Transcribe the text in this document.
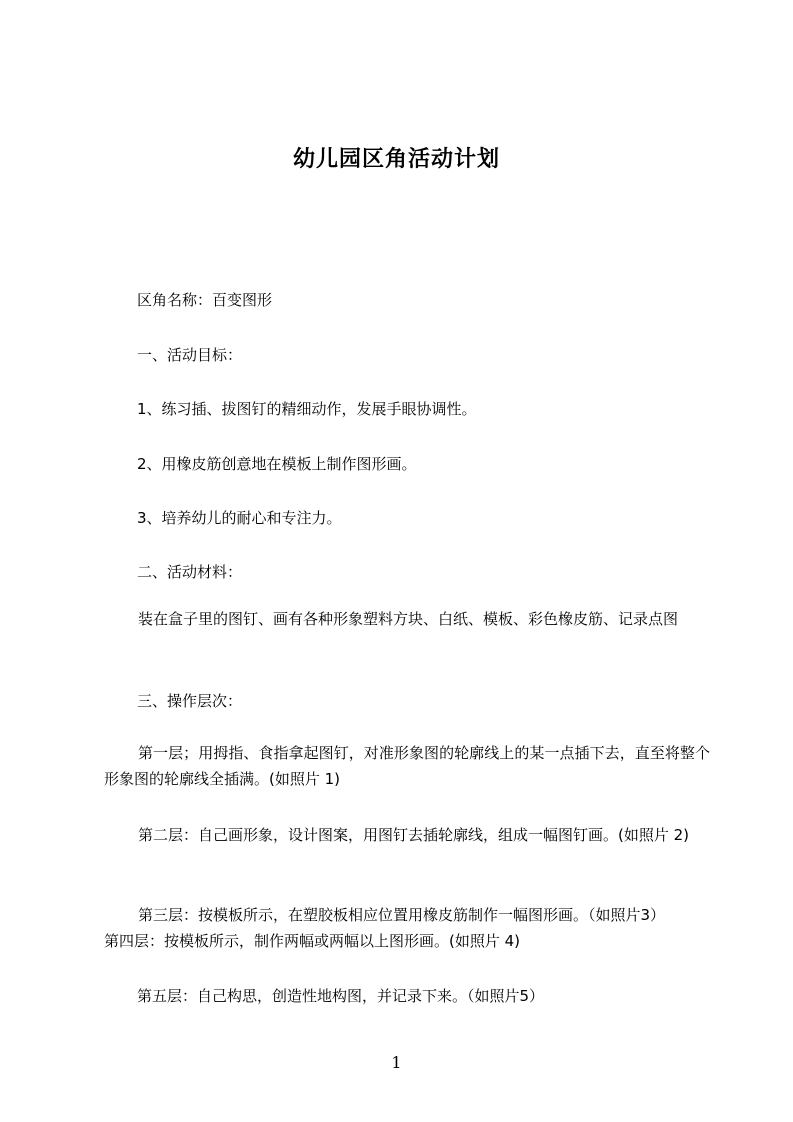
幼儿园区角活动计划

区角名称：百变图形

一、活动目标：

1、练习插、拔图钉的精细动作，发展手眼协调性。

2、用橡皮筋创意地在模板上制作图形画。

3、培养幼儿的耐心和专注力。

二、活动材料：

装在盒子里的图钉、画有各种形象塑料方块、白纸、模板、彩色橡皮筋、记录点图

三、操作层次：

第一层；用拇指、食指拿起图钉，对准形象图的轮廓线上的某一点插下去，直至将整个形象图的轮廓线全插满。(如照片 1)

第二层：自己画形象，设计图案，用图钉去插轮廓线，组成一幅图钉画。(如照片 2)

第三层：按模板所示，在塑胶板相应位置用橡皮筋制作一幅图形画。（如照片3）

第四层：按模板所示，制作两幅或两幅以上图形画。(如照片 4)

第五层：自己构思，创造性地构图，并记录下来。（如照片5）

1
